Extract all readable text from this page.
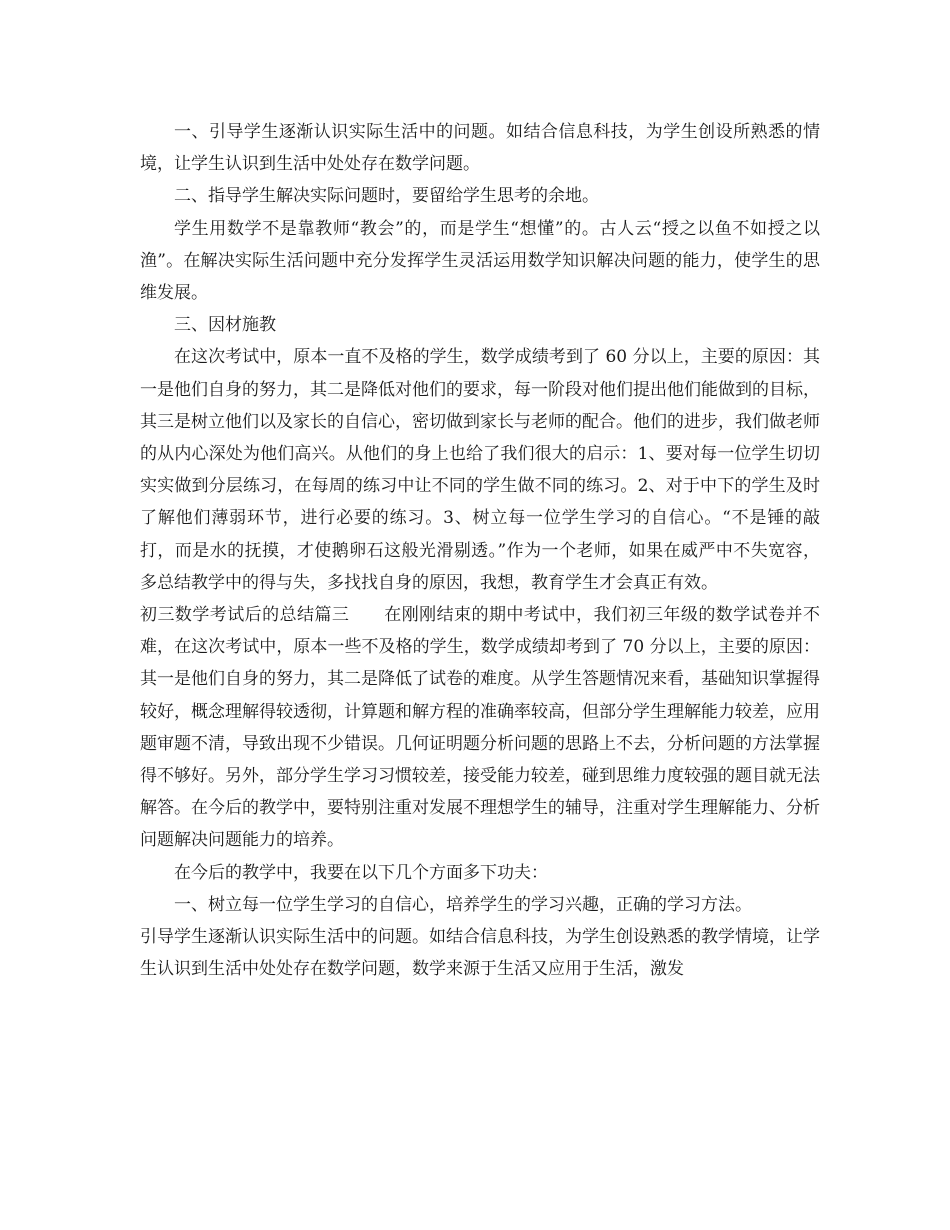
一、引导学生逐渐认识实际生活中的问题。如结合信息科技，为学生创设所熟悉的情境，让学生认识到生活中处处存在数学问题。

二、指导学生解决实际问题时，要留给学生思考的余地。

学生用数学不是靠教师“教会”的，而是学生“想懂”的。古人云“授之以鱼不如授之以渔”。在解决实际生活问题中充分发挥学生灵活运用数学知识解决问题的能力，使学生的思维发展。

三、因材施教

在这次考试中，原本一直不及格的学生，数学成绩考到了 60 分以上，主要的原因：其一是他们自身的努力，其二是降低对他们的要求，每一阶段对他们提出他们能做到的目标，其三是树立他们以及家长的自信心，密切做到家长与老师的配合。他们的进步，我们做老师的从内心深处为他们高兴。从他们的身上也给了我们很大的启示：1、要对每一位学生切切实实做到分层练习，在每周的练习中让不同的学生做不同的练习。2、对于中下的学生及时了解他们薄弱环节，进行必要的练习。3、树立每一位学生学习的自信心。“不是锤的敲打，而是水的抚摸，才使鹅卵石这般光滑剔透。”作为一个老师，如果在威严中不失宽容，多总结教学中的得与失，多找找自身的原因，我想，教育学生才会真正有效。

初三数学考试后的总结篇三　　在刚刚结束的期中考试中，我们初三年级的数学试卷并不难，在这次考试中，原本一些不及格的学生，数学成绩却考到了 70 分以上，主要的原因：其一是他们自身的努力，其二是降低了试卷的难度。从学生答题情况来看，基础知识掌握得较好，概念理解得较透彻，计算题和解方程的准确率较高，但部分学生理解能力较差，应用题审题不清，导致出现不少错误。几何证明题分析问题的思路上不去，分析问题的方法掌握得不够好。另外，部分学生学习习惯较差，接受能力较差，碰到思维力度较强的题目就无法解答。在今后的教学中，要特别注重对发展不理想学生的辅导，注重对学生理解能力、分析问题解决问题能力的培养。

在今后的教学中，我要在以下几个方面多下功夫：

一、树立每一位学生学习的自信心，培养学生的学习兴趣，正确的学习方法。

引导学生逐渐认识实际生活中的问题。如结合信息科技，为学生创设熟悉的教学情境，让学生认识到生活中处处存在数学问题，数学来源于生活又应用于生活，激发
